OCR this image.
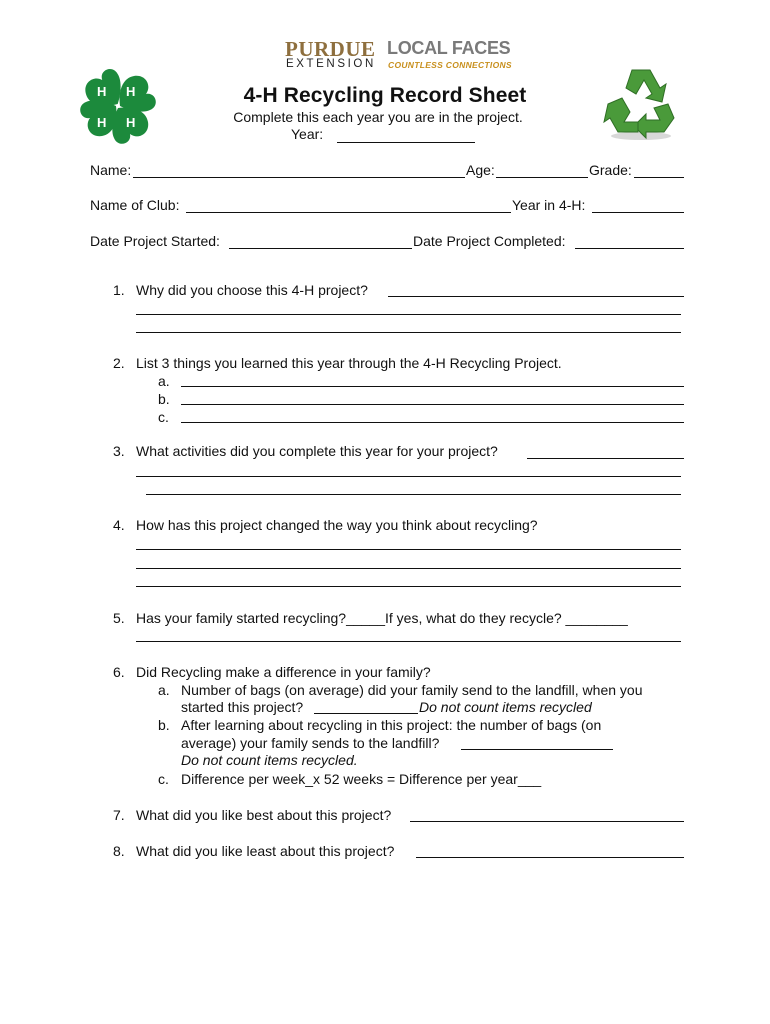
PURDUE
EXTENSION
LOCAL FACES
COUNTLESS CONNECTIONS
H H
H
H
4-H Recycling Record Sheet
Complete this each year you are in the project.
Year:
Name:	Age:	Grade:
Name of Club:	Year in 4-H:
Date Project Started:	Date Project Completed:
1. Why did you choose this 4-H project?
2. List 3 things you learned this year through the 4-H Recycling Project.
a.
b.
c.
3. What activities did you complete this year for your project?
4. How has this project changed the way you think about recycling?
5. Has your family started recycling?_____If yes, what do they recycle? ________
6. Did Recycling make a difference in your family?
a. Number of bags (on average) did your family send to the landfill, when you
started this project?	Do not count items recycled
b. After learning about recycling in this project: the number of bags (on
average) your family sends to the landfill?
Do not count items recycled.
c. Difference per week_x 52 weeks = Difference per year___
7. What did you like best about this project?
8. What did you like least about this project?
